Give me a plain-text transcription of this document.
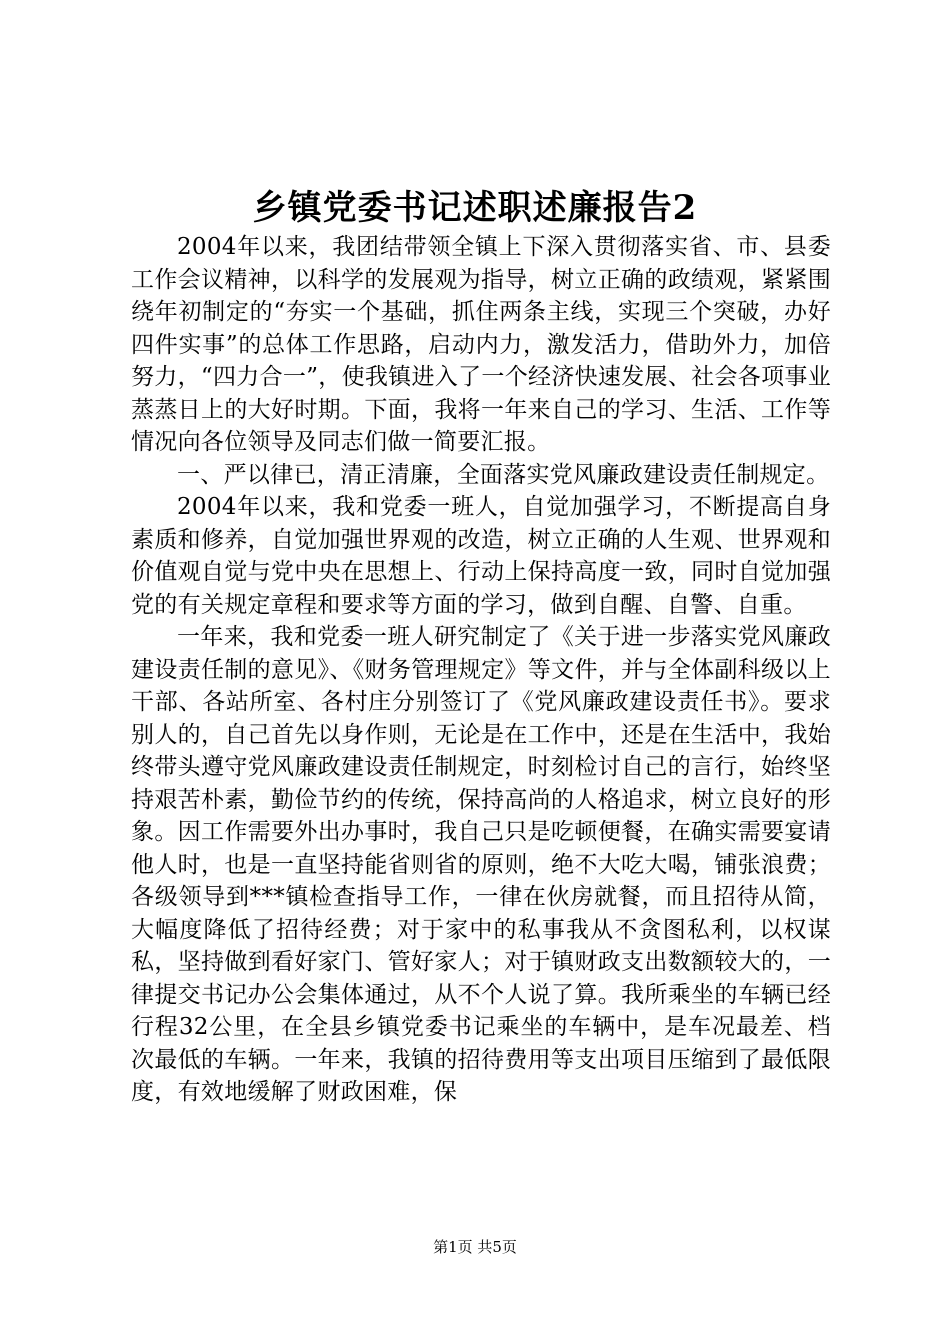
乡镇党委书记述职述廉报告2

2004年以来，我团结带领全镇上下深入贯彻落实省、市、县委工作会议精神，以科学的发展观为指导，树立正确的政绩观，紧紧围绕年初制定的“夯实一个基础，抓住两条主线，实现三个突破，办好四件实事”的总体工作思路，启动内力，激发活力，借助外力，加倍努力，“四力合一”，使我镇进入了一个经济快速发展、社会各项事业蒸蒸日上的大好时期。下面，我将一年来自己的学习、生活、工作等情况向各位领导及同志们做一简要汇报。

一、严以律已，清正清廉，全面落实党风廉政建设责任制规定。

2004年以来，我和党委一班人，自觉加强学习，不断提高自身素质和修养，自觉加强世界观的改造，树立正确的人生观、世界观和价值观自觉与党中央在思想上、行动上保持高度一致，同时自觉加强党的有关规定章程和要求等方面的学习，做到自醒、自警、自重。

一年来，我和党委一班人研究制定了《关于进一步落实党风廉政建设责任制的意见》、《财务管理规定》等文件，并与全体副科级以上干部、各站所室、各村庄分别签订了《党风廉政建设责任书》。要求别人的，自己首先以身作则，无论是在工作中，还是在生活中，我始终带头遵守党风廉政建设责任制规定，时刻检讨自己的言行，始终坚持艰苦朴素，勤俭节约的传统，保持高尚的人格追求，树立良好的形象。因工作需要外出办事时，我自己只是吃顿便餐，在确实需要宴请他人时，也是一直坚持能省则省的原则，绝不大吃大喝，铺张浪费；各级领导到***镇检查指导工作，一律在伙房就餐，而且招待从简，大幅度降低了招待经费；对于家中的私事我从不贪图私利，以权谋私，坚持做到看好家门、管好家人；对于镇财政支出数额较大的，一律提交书记办公会集体通过，从不个人说了算。我所乘坐的车辆已经行程32公里，在全县乡镇党委书记乘坐的车辆中，是车况最差、档次最低的车辆。一年来，我镇的招待费用等支出项目压缩到了最低限度，有效地缓解了财政困难，保

第1页 共5页
